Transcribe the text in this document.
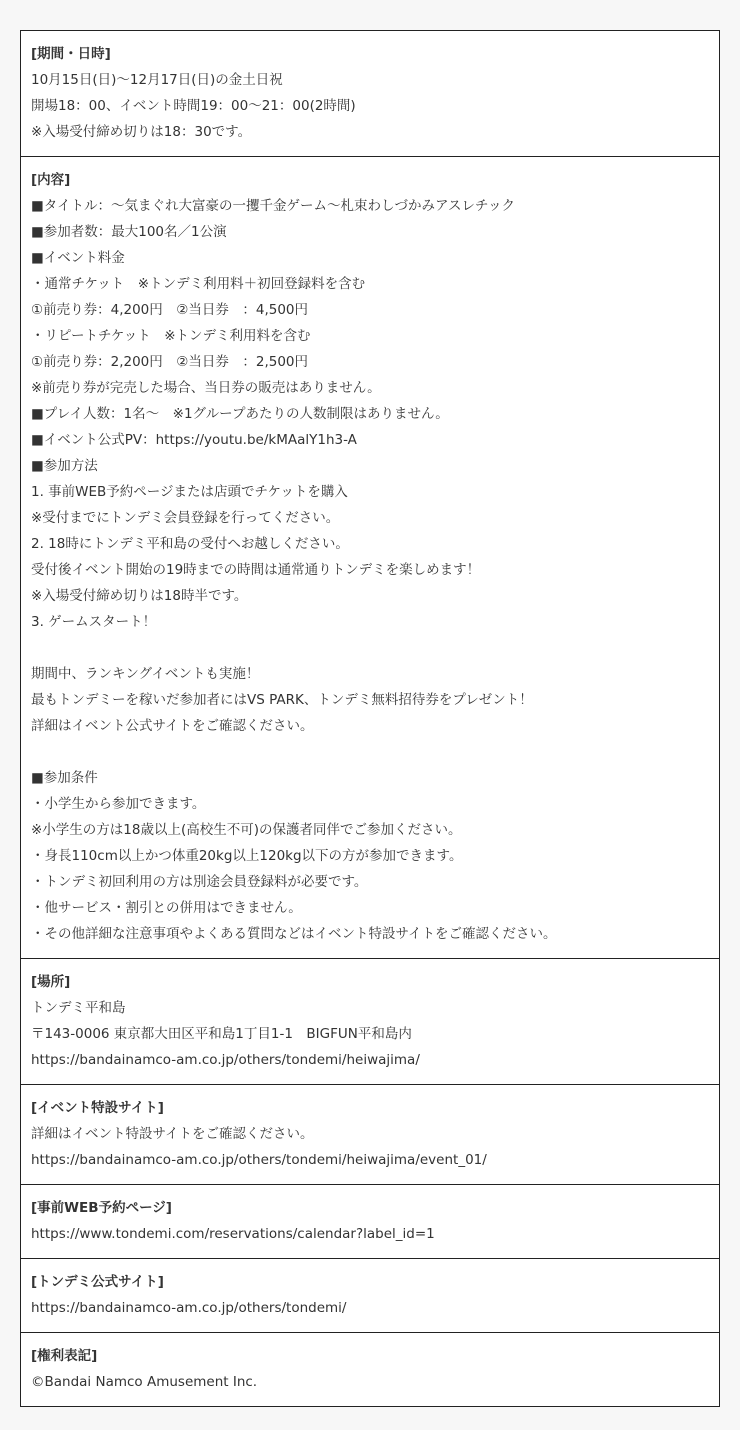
[期間・日時]
10月15日(日)〜12月17日(日)の金土日祝
開場18：00、イベント時間19：00〜21：00(2時間)
※入場受付締め切りは18：30です。
[内容]
■タイトル：〜気まぐれ大富豪の一攫千金ゲーム〜札束わしづかみアスレチック
■参加者数：最大100名／1公演
■イベント料金
・通常チケット　※トンデミ利用料＋初回登録料を含む
①前売り券：4,200円　②当日券　：4,500円
・リピートチケット　※トンデミ利用料を含む
①前売り券：2,200円　②当日券　：2,500円
※前売り券が完売した場合、当日券の販売はありません。
■プレイ人数：1名〜　※1グループあたりの人数制限はありません。
■イベント公式PV：https://youtu.be/kMAalY1h3-A
■参加方法
1. 事前WEB予約ページまたは店頭でチケットを購入
※受付までにトンデミ会員登録を行ってください。
2. 18時にトンデミ平和島の受付へお越しください。
受付後イベント開始の19時までの時間は通常通りトンデミを楽しめます！
※入場受付締め切りは18時半です。
3. ゲームスタート！
期間中、ランキングイベントも実施！
最もトンデミーを稼いだ参加者にはVS PARK、トンデミ無料招待券をプレゼント！
詳細はイベント公式サイトをご確認ください。
■参加条件
・小学生から参加できます。
※小学生の方は18歳以上(高校生不可)の保護者同伴でご参加ください。
・身長110cm以上かつ体重20kg以上120kg以下の方が参加できます。
・トンデミ初回利用の方は別途会員登録料が必要です。
・他サービス・割引との併用はできません。
・その他詳細な注意事項やよくある質問などはイベント特設サイトをご確認ください。
[場所]
トンデミ平和島
〒143-0006 東京都大田区平和島1丁目1-1　BIGFUN平和島内
https://bandainamco-am.co.jp/others/tondemi/heiwajima/
[イベント特設サイト]
詳細はイベント特設サイトをご確認ください。
https://bandainamco-am.co.jp/others/tondemi/heiwajima/event_01/
[事前WEB予約ページ]
https://www.tondemi.com/reservations/calendar?label_id=1
[トンデミ公式サイト]
https://bandainamco-am.co.jp/others/tondemi/
[権利表記]
©Bandai Namco Amusement Inc.
